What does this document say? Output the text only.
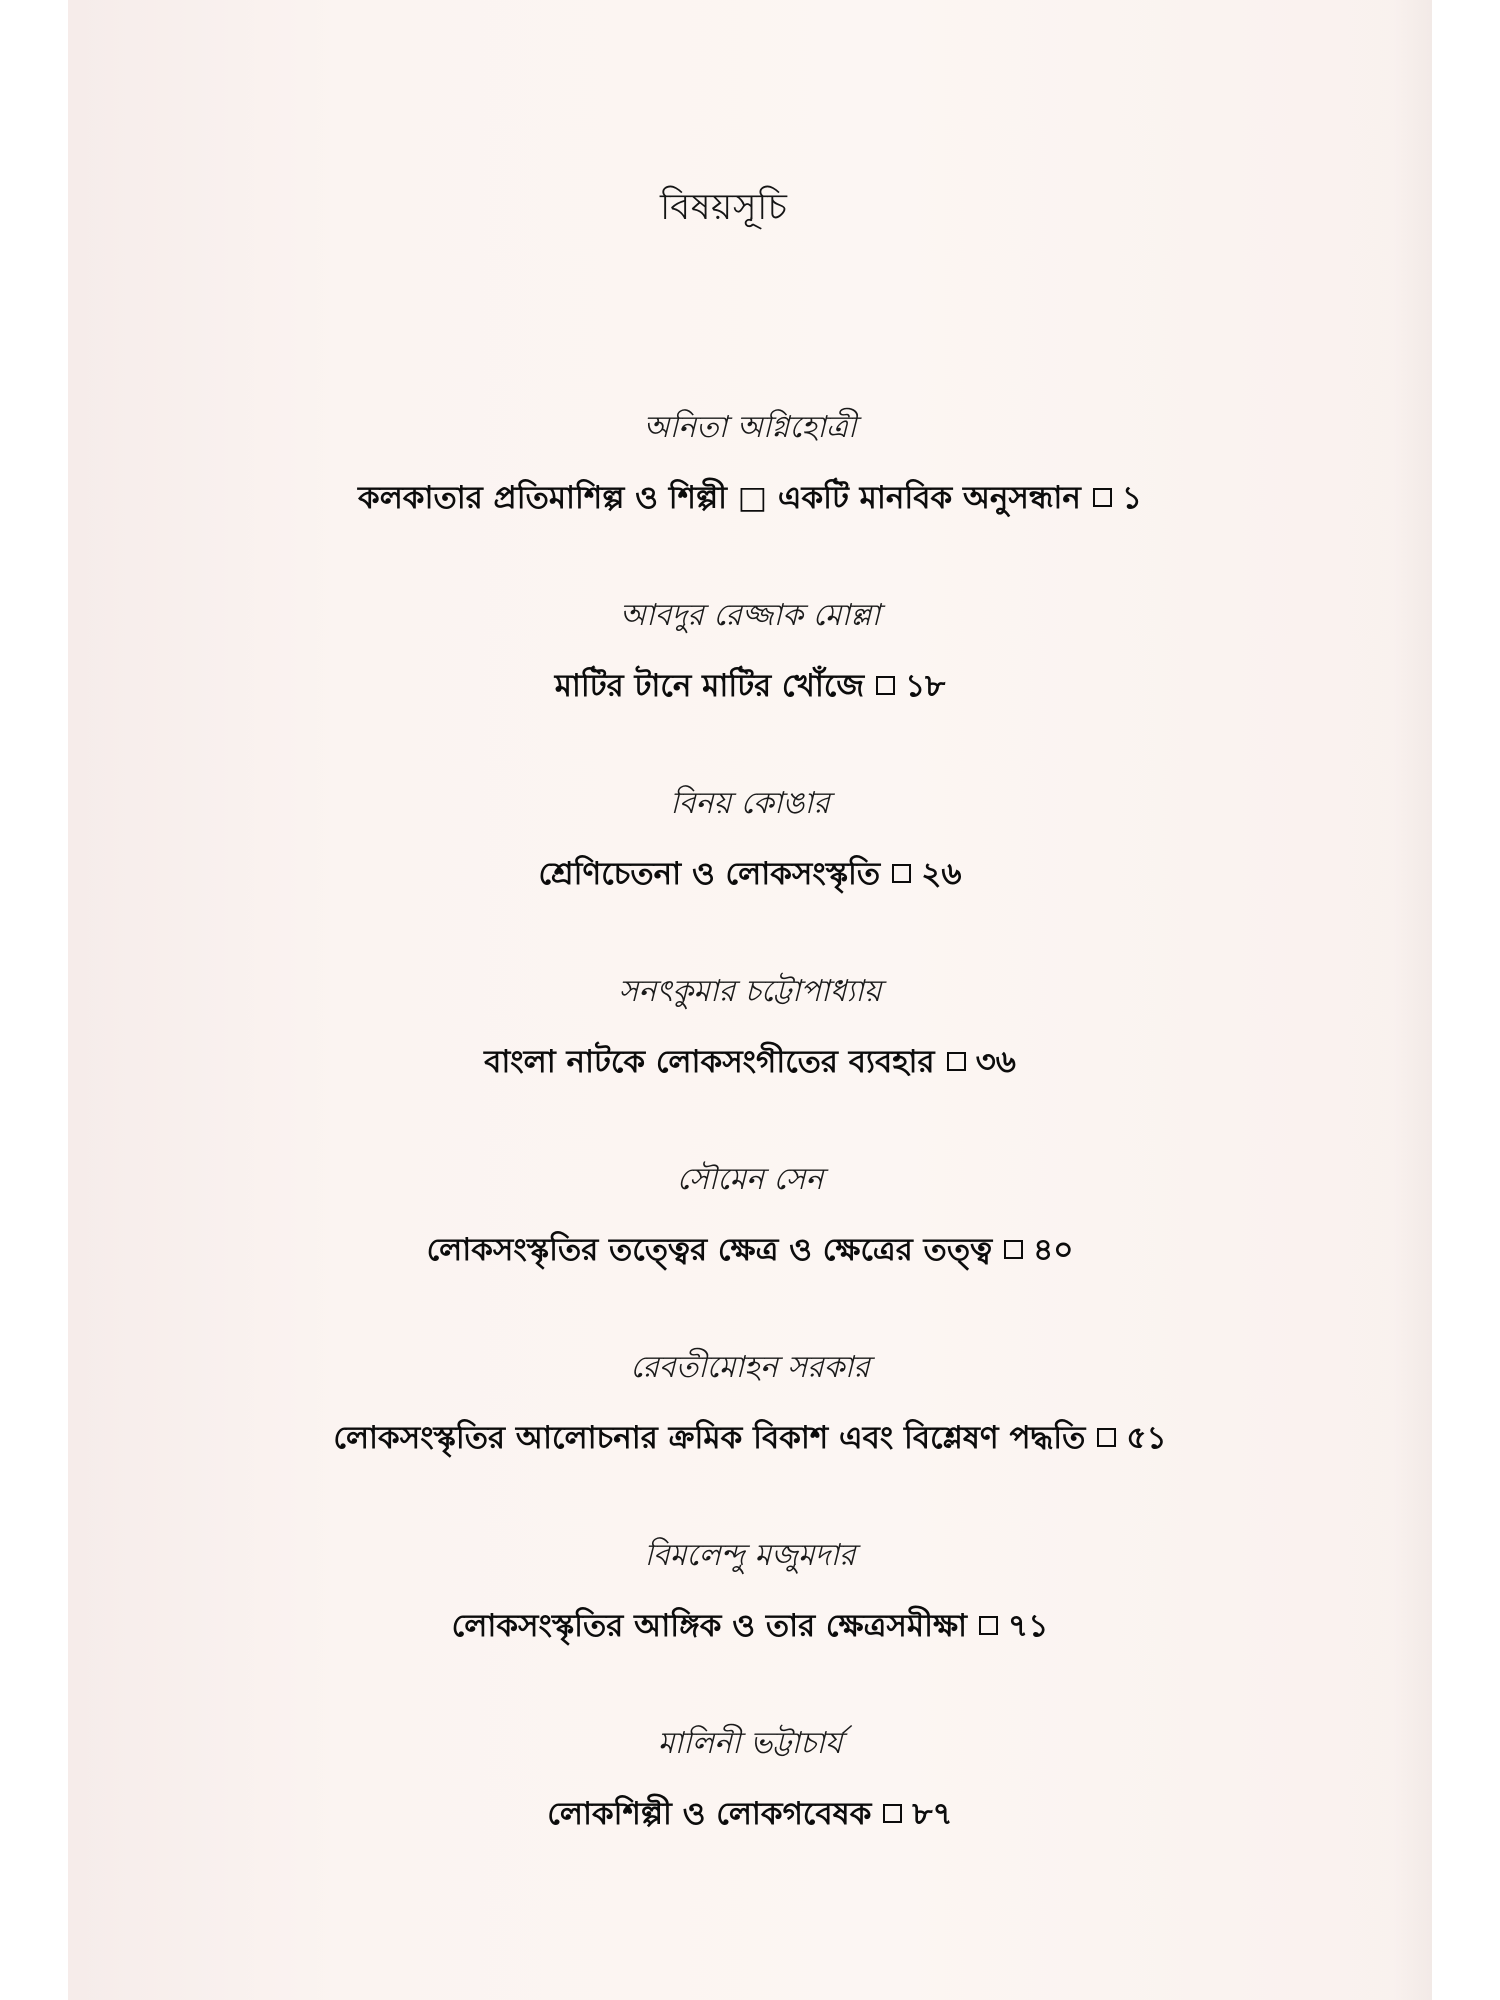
বিষয়সূচি
অনিতা অগ্নিহোত্রী
কলকাতার প্রতিমাশিল্প ও শিল্পী □ একটি মানবিক অনুসন্ধান ১
আবদুর রেজ্জাক মোল্লা
মাটির টানে মাটির খোঁজে ১৮
বিনয় কোঙার
শ্রেণিচেতনা ও লোকসংস্কৃতি ২৬
সনৎকুমার চট্টোপাধ্যায়
বাংলা নাটকে লোকসংগীতের ব্যবহার ৩৬
সৌমেন সেন
লোকসংস্কৃতির তত্ত্বের ক্ষেত্র ও ক্ষেত্রের তত্ত্ব ৪০
রেবতীমোহন সরকার
লোকসংস্কৃতির আলোচনার ক্রমিক বিকাশ এবং বিশ্লেষণ পদ্ধতি ৫১
বিমলেন্দু মজুমদার
লোকসংস্কৃতির আঙ্গিক ও তার ক্ষেত্রসমীক্ষা ৭১
মালিনী ভট্টাচার্য
লোকশিল্পী ও লোকগবেষক ৮৭
